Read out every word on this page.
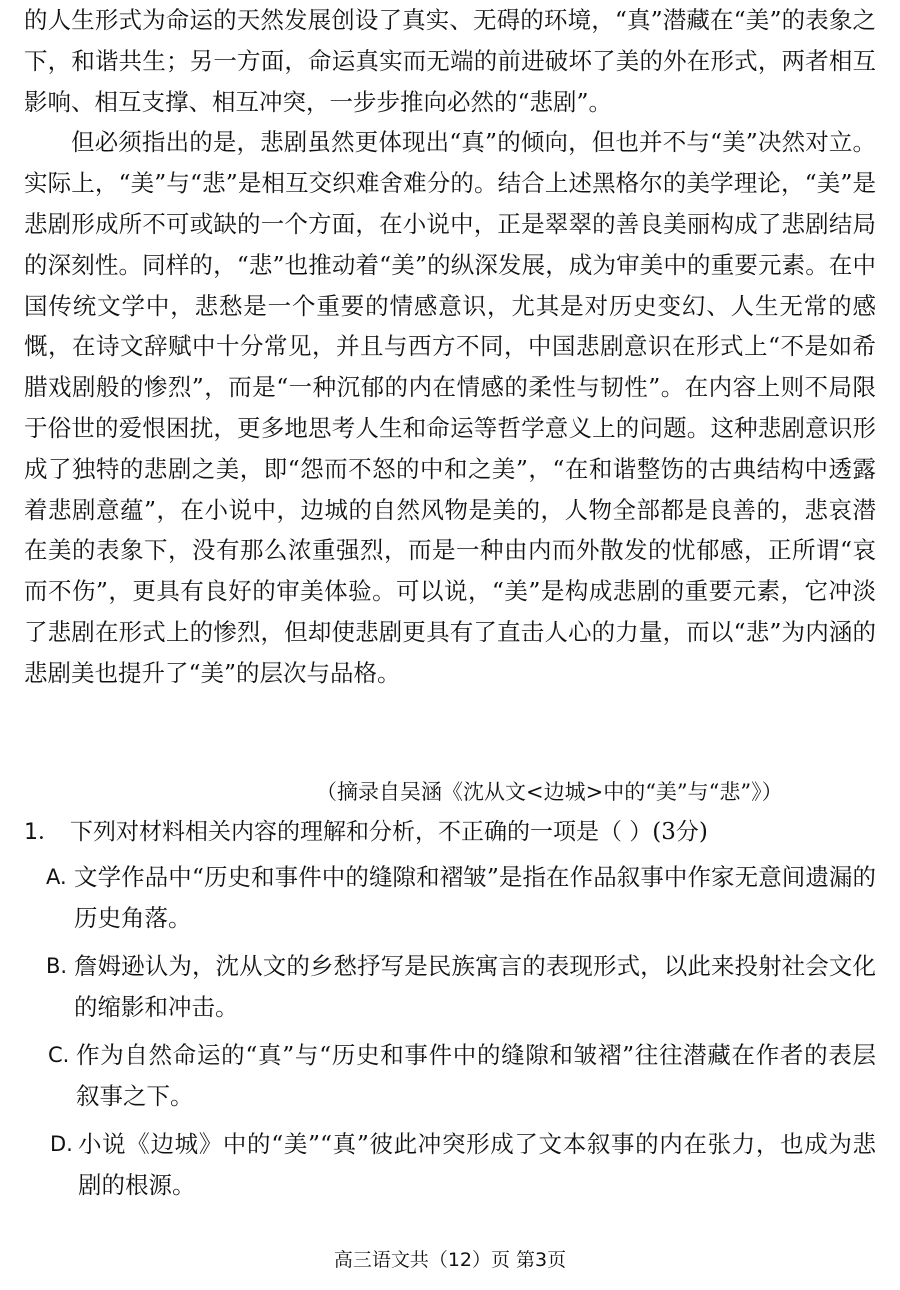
的人生形式为命运的天然发展创设了真实、无碍的环境，“真”潜藏在“美”的表象之下，和谐共生；另一方面，命运真实而无端的前进破坏了美的外在形式，两者相互影响、相互支撑、相互冲突，一步步推向必然的“悲剧”。

但必须指出的是，悲剧虽然更体现出“真”的倾向，但也并不与“美”决然对立。实际上，“美”与“悲”是相互交织难舍难分的。结合上述黑格尔的美学理论，“美”是悲剧形成所不可或缺的一个方面，在小说中，正是翠翠的善良美丽构成了悲剧结局的深刻性。同样的，“悲”也推动着“美”的纵深发展，成为审美中的重要元素。在中国传统文学中，悲愁是一个重要的情感意识，尤其是对历史变幻、人生无常的感慨，在诗文辞赋中十分常见，并且与西方不同，中国悲剧意识在形式上“不是如希腊戏剧般的惨烈”，而是“一种沉郁的内在情感的柔性与韧性”。在内容上则不局限于俗世的爱恨困扰，更多地思考人生和命运等哲学意义上的问题。这种悲剧意识形成了独特的悲剧之美，即“怨而不怒的中和之美”，“在和谐整饬的古典结构中透露着悲剧意蕴”，在小说中，边城的自然风物是美的，人物全部都是良善的，悲哀潜在美的表象下，没有那么浓重强烈，而是一种由内而外散发的忧郁感，正所谓“哀而不伤”，更具有良好的审美体验。可以说，“美”是构成悲剧的重要元素，它冲淡了悲剧在形式上的惨烈，但却使悲剧更具有了直击人心的力量，而以“悲”为内涵的悲剧美也提升了“美”的层次与品格。

（摘录自吴涵《沈从文<边城>中的“美”与“悲”》）

1． 下列对材料相关内容的理解和分析，不正确的一项是（ ）(3分)

A. 文学作品中“历史和事件中的缝隙和褶皱”是指在作品叙事中作家无意间遗漏的历史角落。
B. 詹姆逊认为，沈从文的乡愁抒写是民族寓言的表现形式，以此来投射社会文化的缩影和冲击。
C. 作为自然命运的“真”与“历史和事件中的缝隙和皱褶”往往潜藏在作者的表层叙事之下。
D. 小说《边城》中的“美”“真”彼此冲突形成了文本叙事的内在张力，也成为悲剧的根源。
高三语文共（12）页 第3页
